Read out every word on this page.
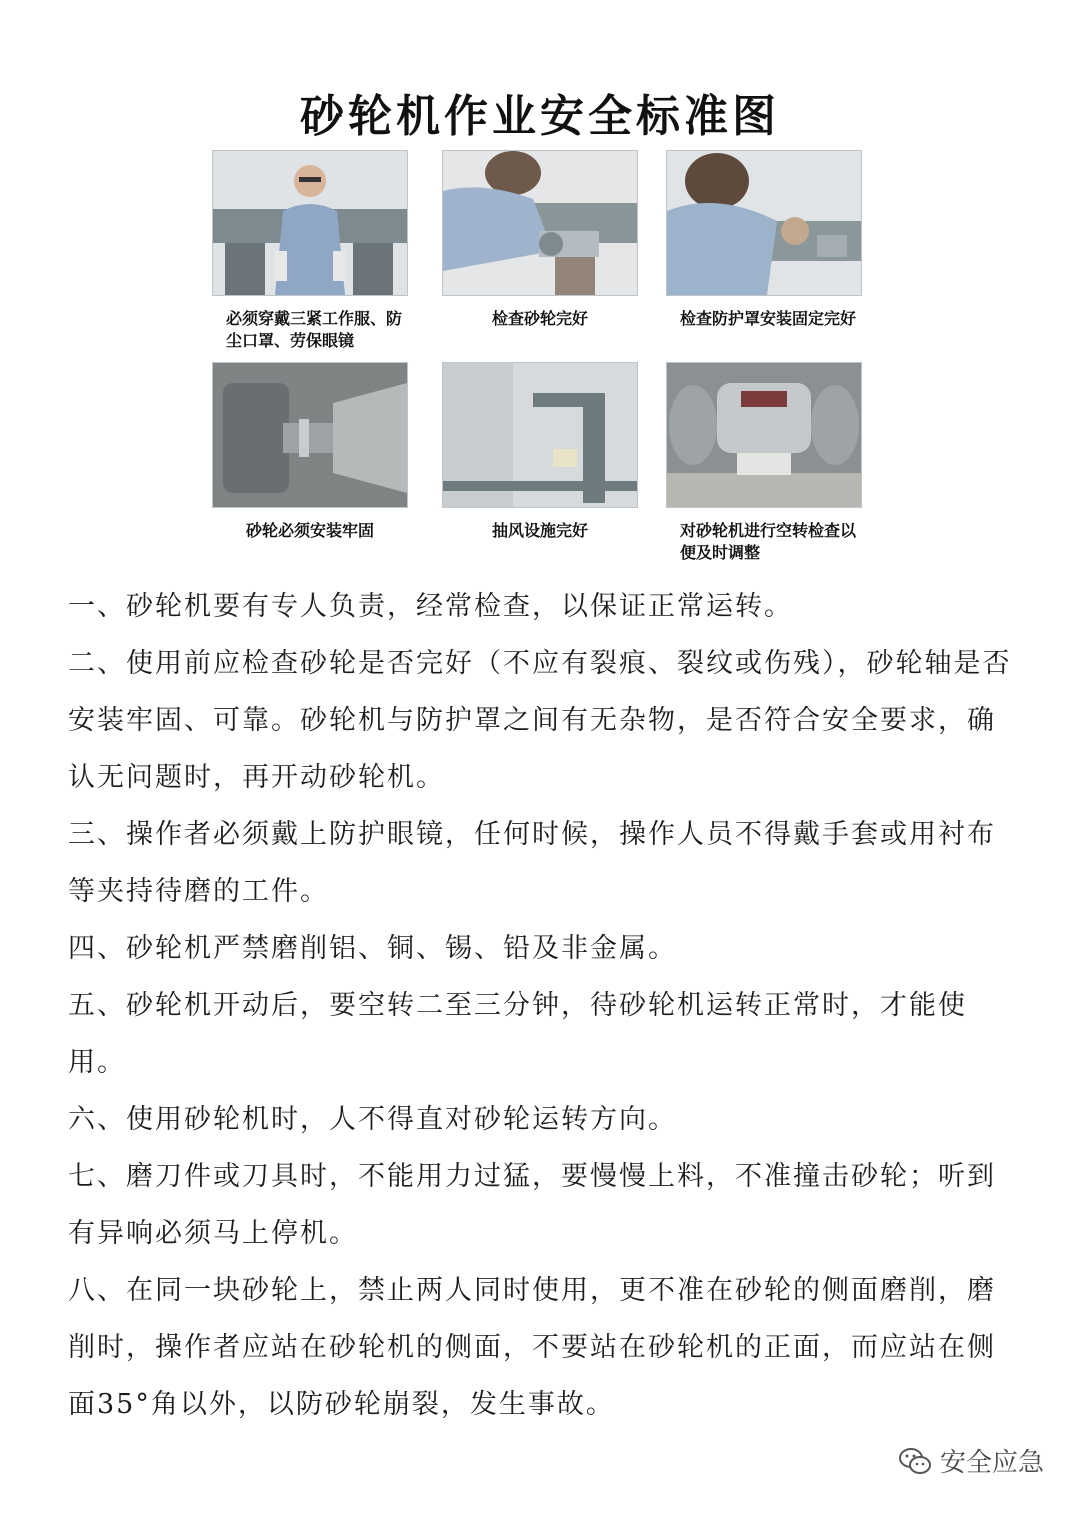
砂轮机作业安全标准图
必须穿戴三紧工作服、防尘口罩、劳保眼镜
检查砂轮完好	检查防护罩安装固定完好
砂轮必须安装牢固	抽风设施完好	对砂轮机进行空转检查以便及时调整

一、砂轮机要有专人负责，经常检查，以保证正常运转。

二、使用前应检查砂轮是否完好（不应有裂痕、裂纹或伤残），砂轮轴是否安装牢固、可靠。砂轮机与防护罩之间有无杂物，是否符合安全要求，确认无问题时，再开动砂轮机。

三、操作者必须戴上防护眼镜，任何时候，操作人员不得戴手套或用衬布等夹持待磨的工件。

四、砂轮机严禁磨削铝、铜、锡、铅及非金属。

五、砂轮机开动后，要空转二至三分钟，待砂轮机运转正常时，才能使用。

六、使用砂轮机时，人不得直对砂轮运转方向。

七、磨刀件或刀具时，不能用力过猛，要慢慢上料，不准撞击砂轮；听到有异响必须马上停机。

八、在同一块砂轮上，禁止两人同时使用，更不准在砂轮的侧面磨削，磨削时，操作者应站在砂轮机的侧面，不要站在砂轮机的正面，而应站在侧面35°角以外，以防砂轮崩裂，发生事故。

安全应急
